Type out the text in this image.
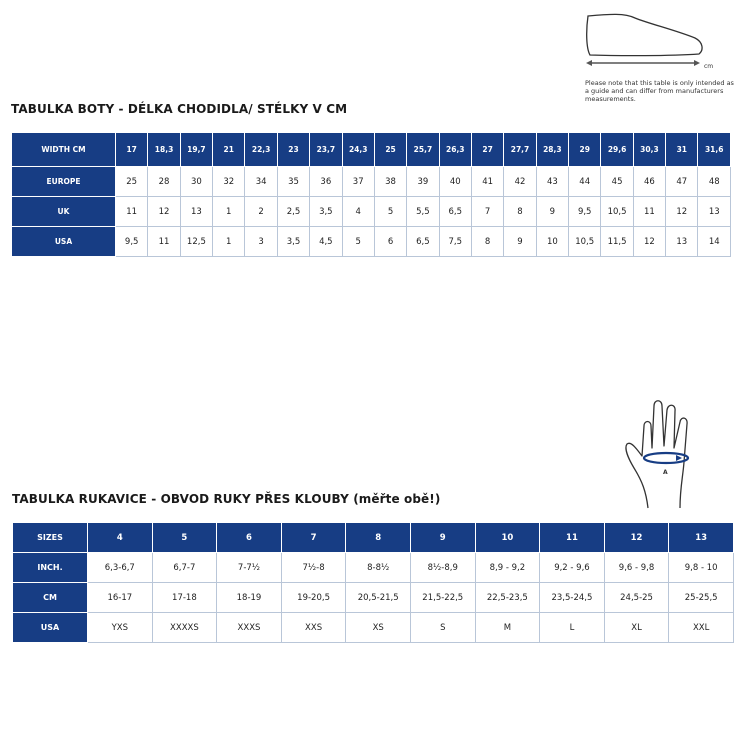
cm
Please note that this table is only intended as a guide and can differ from manufacturers measurements.
TABULKA BOTY - DÉLKA CHODIDLA/ STÉLKY V CM
WIDTH CM	17	18,3	19,7	21	22,3	23	23,7	24,3	25	25,7	26,3	27	27,7	28,3	29	29,6	30,3	31	31,6
EUROPE	25	28	30	32	34	35	36	37	38	39	40	41	42	43	44	45	46	47	48
UK	11	12	13	1	2	2,5	3,5	4	5	5,5	6,5	7	8	9	9,5	10,5	11	12	13
USA	9,5	11	12,5	1	3	3,5	4,5	5	6	6,5	7,5	8	9	10	10,5	11,5	12	13	14
A
TABULKA RUKAVICE - OBVOD RUKY PŘES KLOUBY (měřte obě!)
SIZES	4	5	6	7	8	9	10	11	12	13
INCH.	6,3-6,7	6,7-7	7-7½	7½-8	8-8½	8½-8,9	8,9 - 9,2	9,2 - 9,6	9,6 - 9,8	9,8 - 10
CM	16-17	17-18	18-19	19-20,5	20,5-21,5	21,5-22,5	22,5-23,5	23,5-24,5	24,5-25	25-25,5
USA	YXS	XXXXS	XXXS	XXS	XS	S	M	L	XL	XXL
